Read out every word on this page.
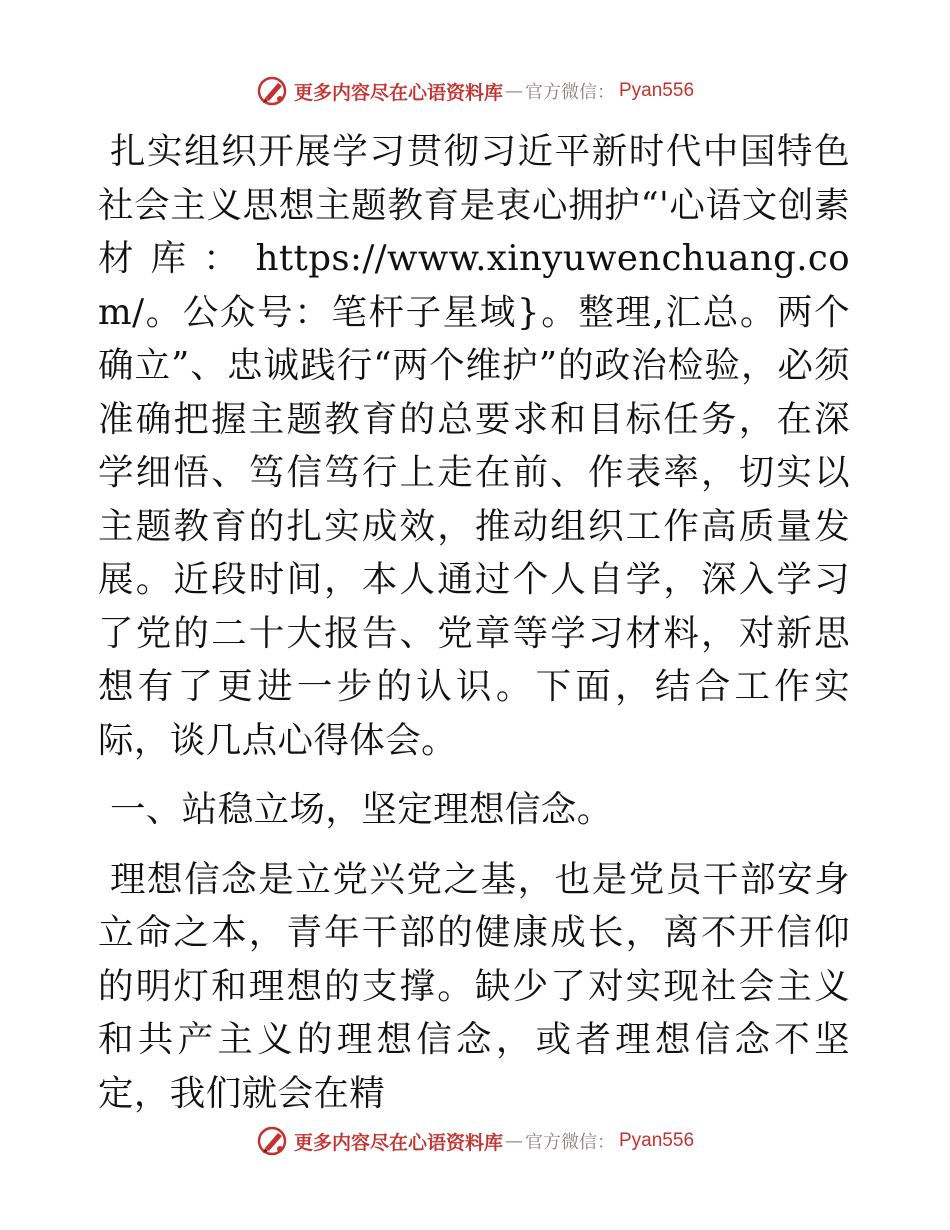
更多内容尽在心语资料库 — 官方微信： Pyan556

扎实组织开展学习贯彻习近平新时代中国特色社会主义思想主题教育是衷心拥护“'心语文创素材库：https://www.xinyuwenchuang.com/。公众号：笔杆子星域}。整理,汇总。两个确立”、忠诚践行“两个维护”的政治检验，必须准确把握主题教育的总要求和目标任务，在深学细悟、笃信笃行上走在前、作表率，切实以主题教育的扎实成效，推动组织工作高质量发展。近段时间，本人通过个人自学，深入学习了党的二十大报告、党章等学习材料，对新思想有了更进一步的认识。下面，结合工作实际，谈几点心得体会。

一、站稳立场，坚定理想信念。

理想信念是立党兴党之基，也是党员干部安身立命之本，青年干部的健康成长，离不开信仰的明灯和理想的支撑。缺少了对实现社会主义和共产主义的理想信念，或者理想信念不坚定，我们就会在精

更多内容尽在心语资料库 — 官方微信： Pyan556
